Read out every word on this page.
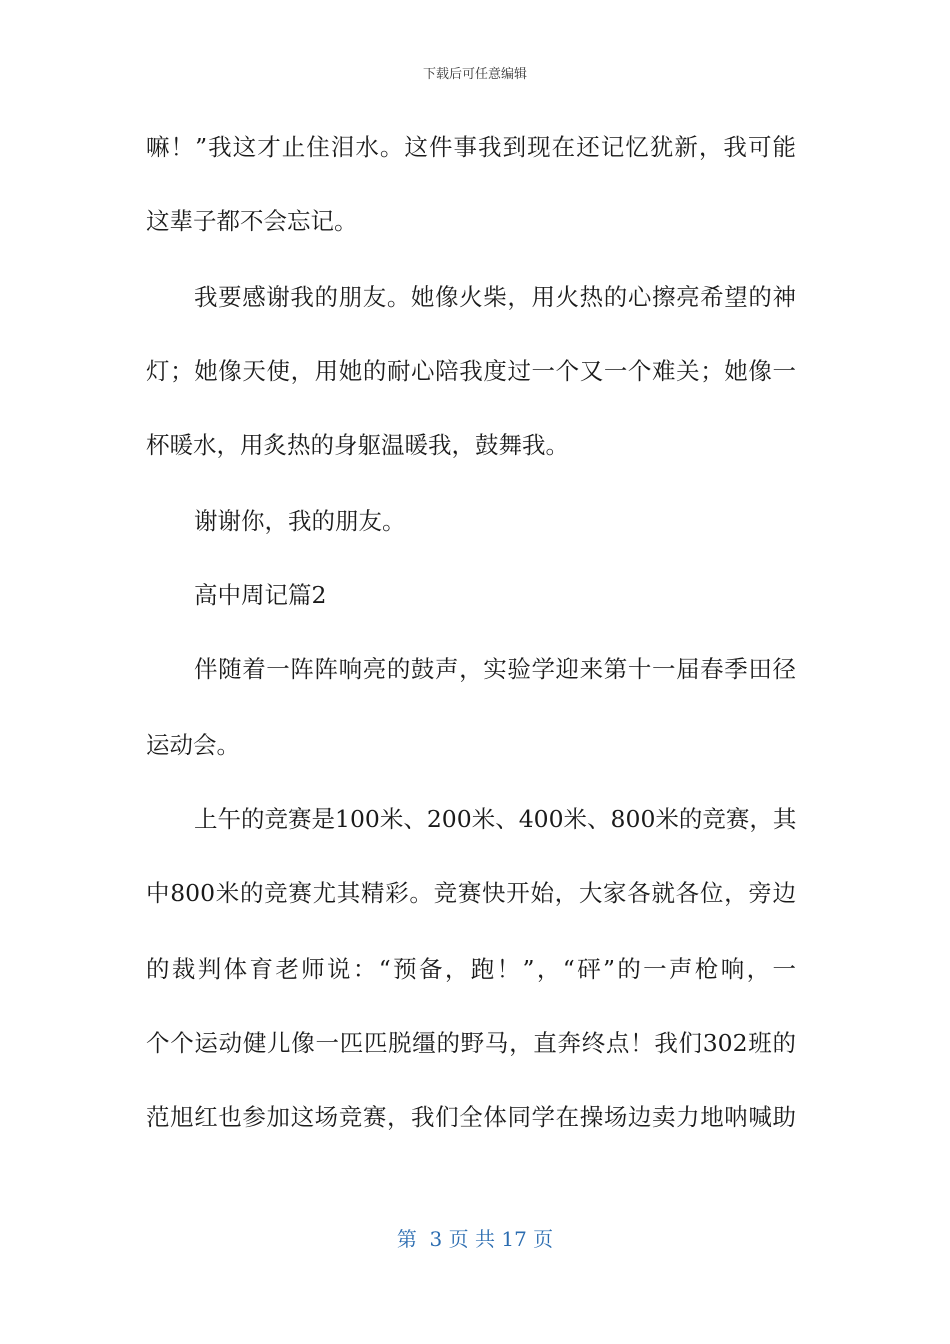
下载后可任意编辑
嘛！”我这才止住泪水。这件事我到现在还记忆犹新，我可能
这辈子都不会忘记。
我要感谢我的朋友。她像火柴，用火热的心擦亮希望的神
灯；她像天使，用她的耐心陪我度过一个又一个难关；她像一
杯暖水，用炙热的身躯温暖我，鼓舞我。
谢谢你，我的朋友。
高中周记篇2
伴随着一阵阵响亮的鼓声，实验学迎来第十一届春季田径
运动会。
上午的竞赛是100米、200米、400米、800米的竞赛，其
中800米的竞赛尤其精彩。竞赛快开始，大家各就各位，旁边
的裁判体育老师说：“预备，跑！”，“砰”的一声枪响，一
个个运动健儿像一匹匹脱缰的野马，直奔终点！我们302班的
范旭红也参加这场竞赛，我们全体同学在操场边卖力地呐喊助
第  3 页 共 17 页
